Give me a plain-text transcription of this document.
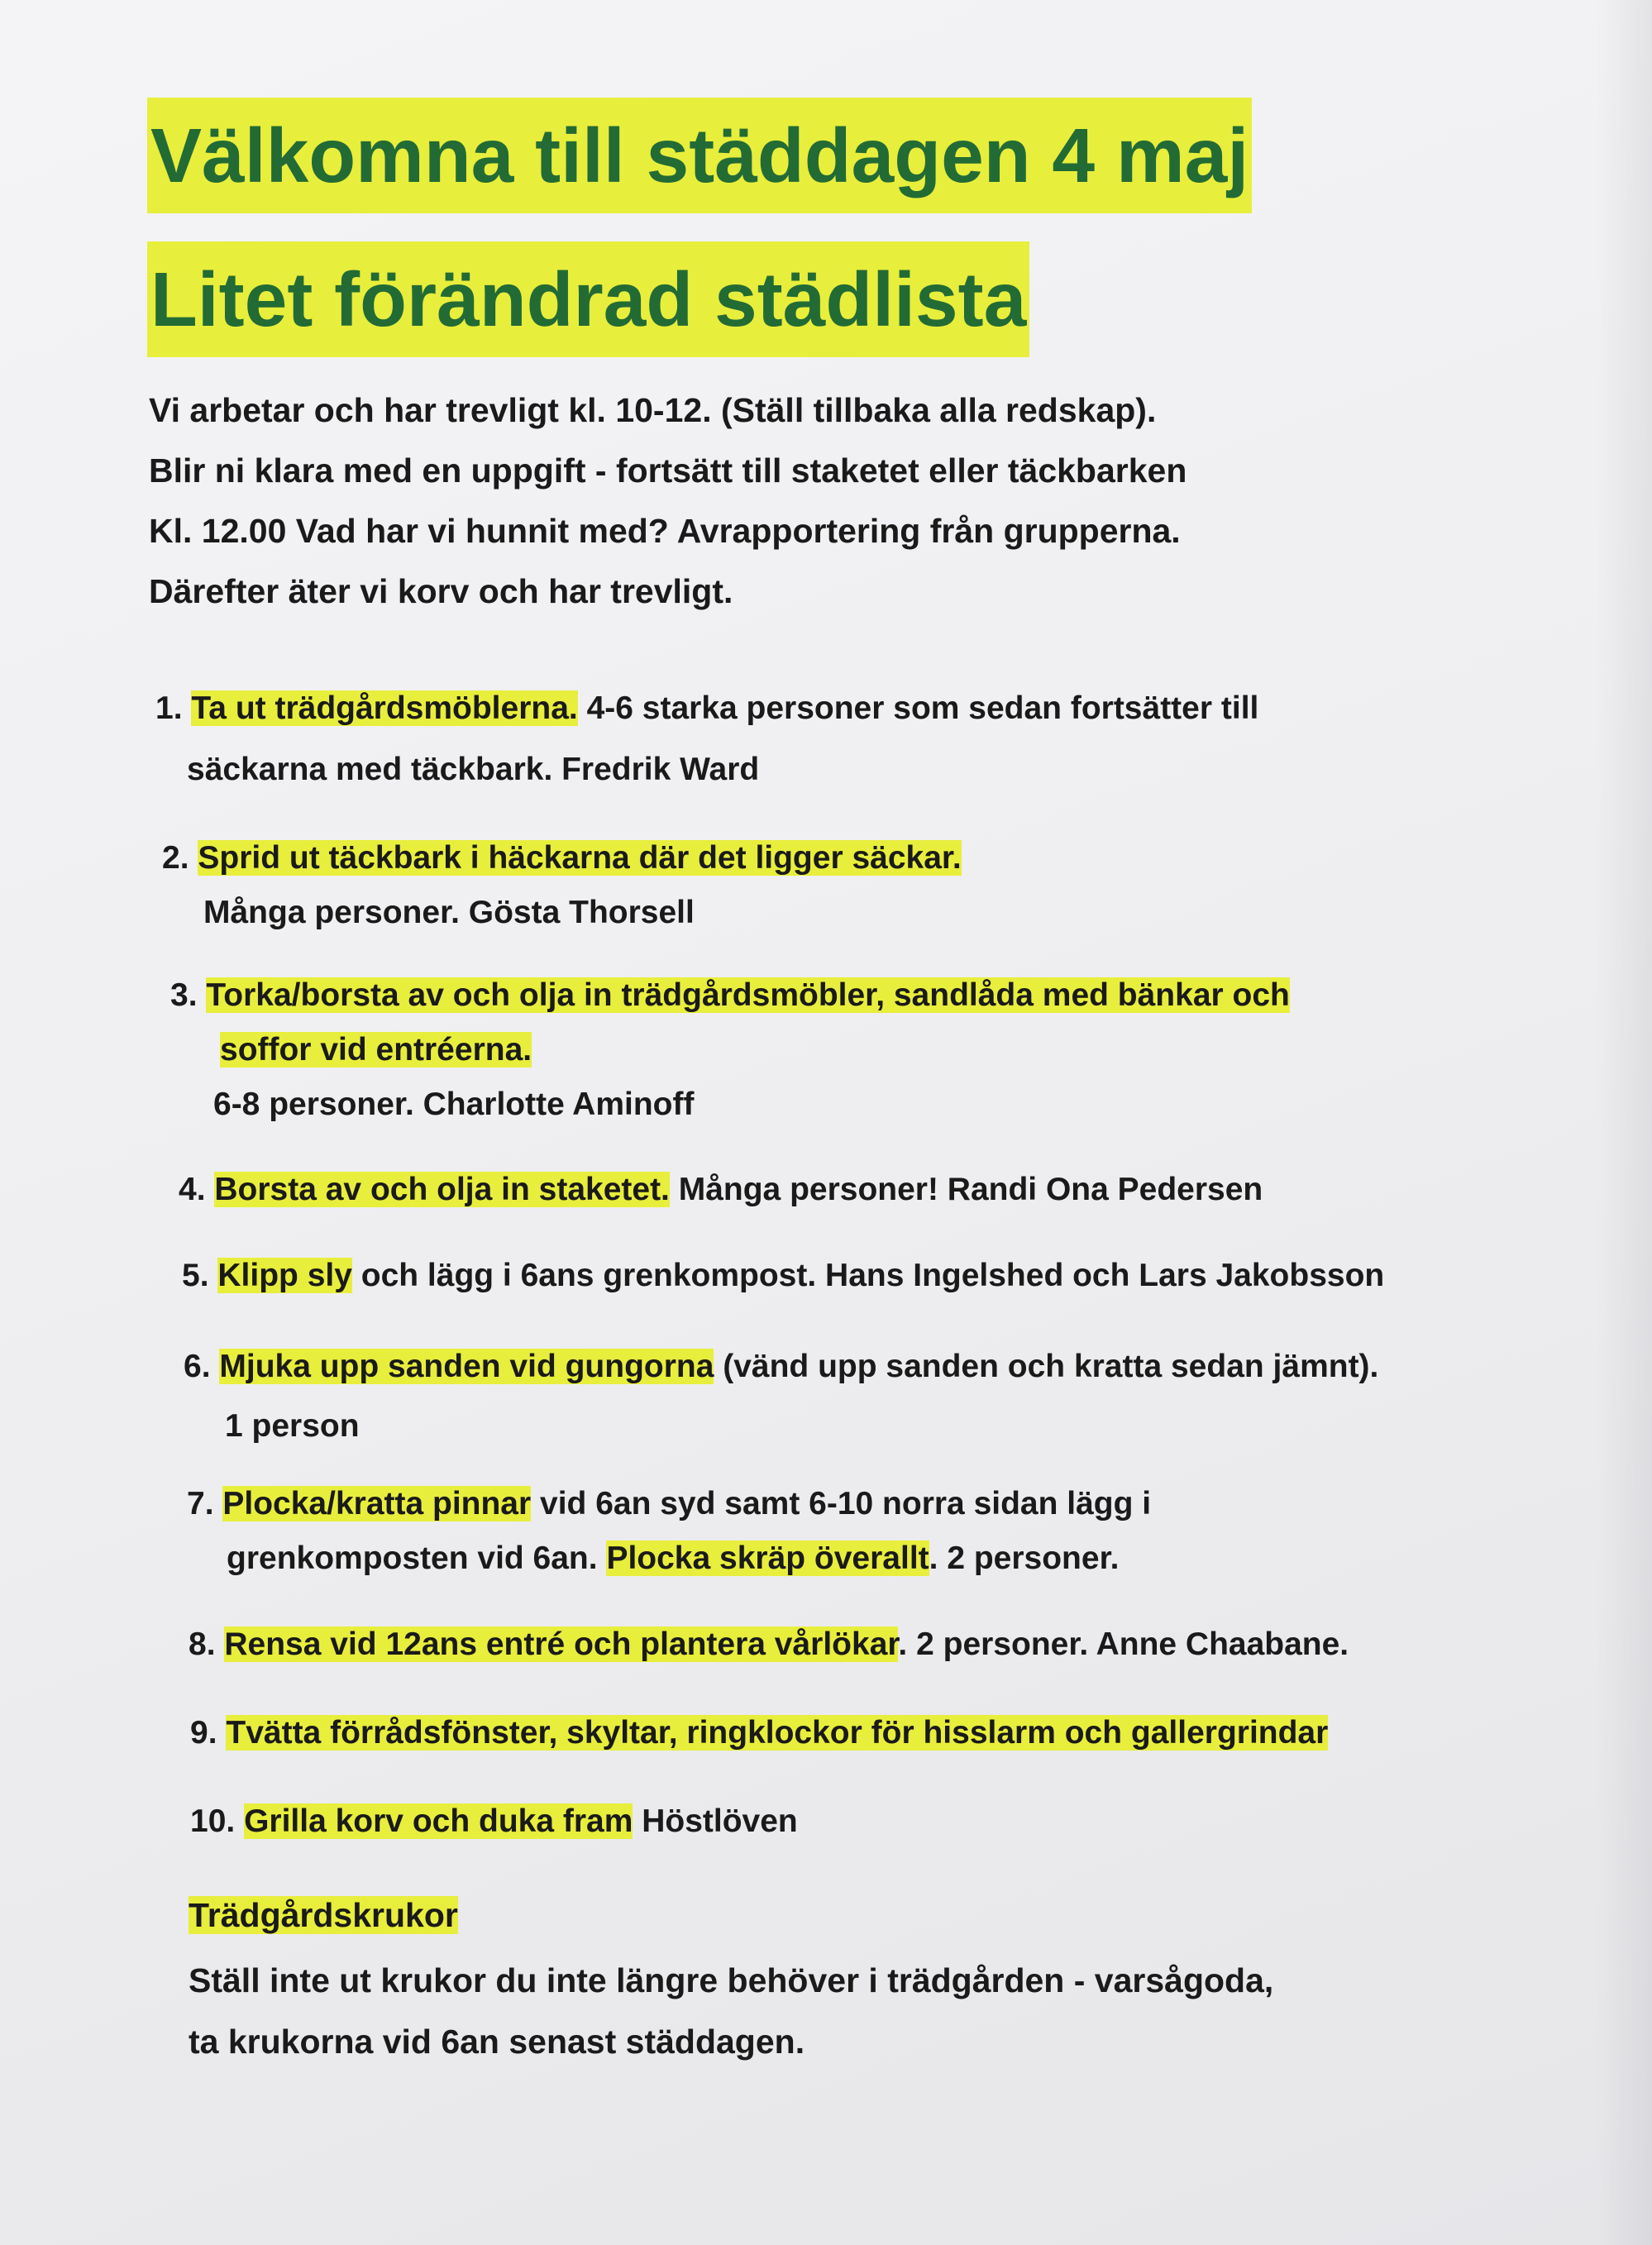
Välkomna till städdagen 4 maj
Litet förändrad städlista
Vi arbetar och har trevligt kl. 10-12. (Ställ tillbaka alla redskap).
Blir ni klara med en uppgift - fortsätt till staketet eller täckbarken
Kl. 12.00 Vad har vi hunnit med? Avrapportering från grupperna.
Därefter äter vi korv och har trevligt.
1. Ta ut trädgårdsmöblerna. 4-6 starka personer som sedan fortsätter till
säckarna med täckbark. Fredrik Ward
2. Sprid ut täckbark i häckarna där det ligger säckar.
Många personer. Gösta Thorsell
3. Torka/borsta av och olja in trädgårdsmöbler, sandlåda med bänkar och
soffor vid entréerna.
6-8 personer. Charlotte Aminoff
4. Borsta av och olja in staketet. Många personer! Randi Ona Pedersen
5. Klipp sly och lägg i 6ans grenkompost. Hans Ingelshed och Lars Jakobsson
6. Mjuka upp sanden vid gungorna (vänd upp sanden och kratta sedan jämnt).
1 person
7. Plocka/kratta pinnar vid 6an syd samt 6-10 norra sidan lägg i
grenkomposten vid 6an. Plocka skräp överallt. 2 personer.
8. Rensa vid 12ans entré och plantera vårlökar. 2 personer. Anne Chaabane.
9. Tvätta förrådsfönster, skyltar, ringklockor för hisslarm och gallergrindar
10. Grilla korv och duka fram Höstlöven
Trädgårdskrukor
Ställ inte ut krukor du inte längre behöver i trädgården - varsågoda,
ta krukorna vid 6an senast städdagen.
